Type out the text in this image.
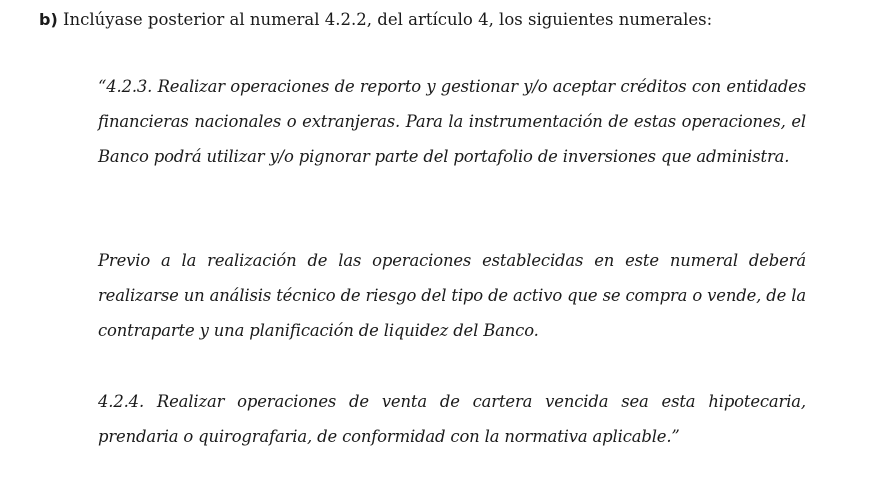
b) Inclúyase posterior al numeral 4.2.2, del artículo 4, los siguientes numerales:

“4.2.3. Realizar operaciones de reporto y gestionar y/o aceptar créditos con entidades financieras nacionales o extranjeras. Para la instrumentación de estas operaciones, el Banco podrá utilizar y/o pignorar parte del portafolio de inversiones que administra.

Previo a la realización de las operaciones establecidas en este numeral deberá realizarse un análisis técnico de riesgo del tipo de activo que se compra o vende, de la contraparte y una planificación de liquidez del Banco.

4.2.4. Realizar operaciones de venta de cartera vencida sea esta hipotecaria, prendaria o quirografaria, de conformidad con la normativa aplicable.”
